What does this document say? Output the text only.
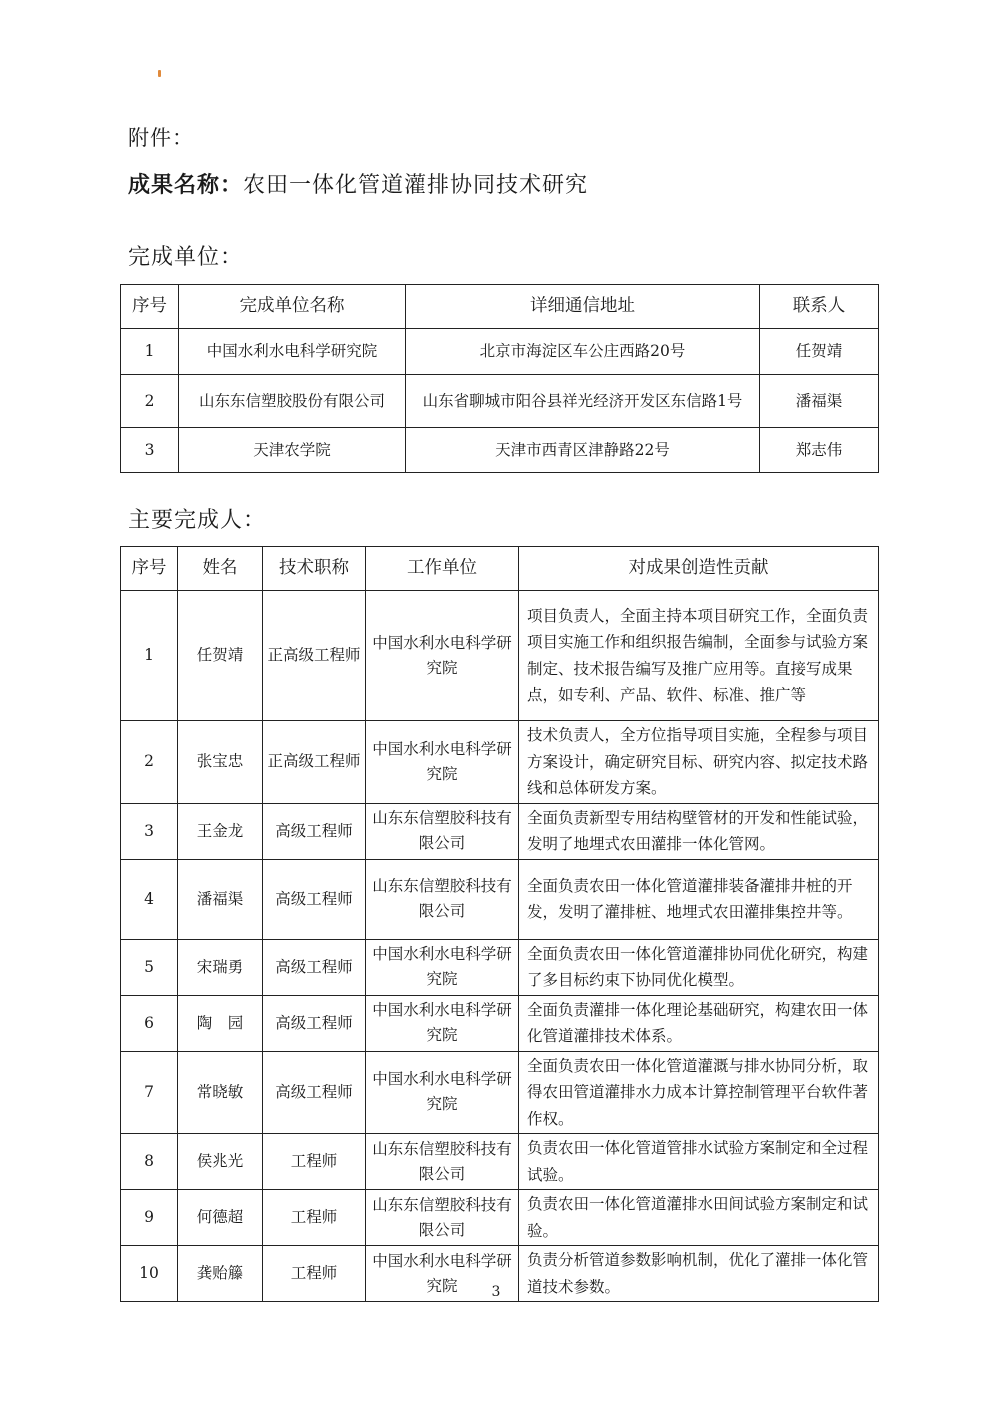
附件：
成果名称：农田一体化管道灌排协同技术研究
完成单位：
序号	完成单位名称	详细通信地址	联系人
1	中国水利水电科学研究院	北京市海淀区车公庄西路20号	任贺靖
2	山东东信塑胶股份有限公司	山东省聊城市阳谷县祥光经济开发区东信路1号	潘福渠
3	天津农学院	天津市西青区津静路22号	郑志伟
主要完成人：
序号	姓名	技术职称	工作单位	对成果创造性贡献
1	任贺靖	正高级工程师	中国水利水电科学研究院	项目负责人，全面主持本项目研究工作，全面负责项目实施工作和组织报告编制，全面参与试验方案制定、技术报告编写及推广应用等。直接写成果点，如专利、产品、软件、标准、推广等
2	张宝忠	正高级工程师	中国水利水电科学研究院	技术负责人，全方位指导项目实施，全程参与项目方案设计，确定研究目标、研究内容、拟定技术路线和总体研发方案。
3	王金龙	高级工程师	山东东信塑胶科技有限公司	全面负责新型专用结构壁管材的开发和性能试验，发明了地埋式农田灌排一体化管网。
4	潘福渠	高级工程师	山东东信塑胶科技有限公司	全面负责农田一体化管道灌排装备灌排井桩的开发，发明了灌排桩、地埋式农田灌排集控井等。
5	宋瑞勇	高级工程师	中国水利水电科学研究院	全面负责农田一体化管道灌排协同优化研究，构建了多目标约束下协同优化模型。
6	陶　园	高级工程师	中国水利水电科学研究院	全面负责灌排一体化理论基础研究，构建农田一体化管道灌排技术体系。
7	常晓敏	高级工程师	中国水利水电科学研究院	全面负责农田一体化管道灌溉与排水协同分析，取得农田管道灌排水力成本计算控制管理平台软件著作权。
8	侯兆光	工程师	山东东信塑胶科技有限公司	负责农田一体化管道管排水试验方案制定和全过程试验。
9	何德超	工程师	山东东信塑胶科技有限公司	负责农田一体化管道灌排水田间试验方案制定和试验。
10	龚贻籐	工程师	中国水利水电科学研究院	负责分析管道参数影响机制，优化了灌排一体化管道技术参数。
3
